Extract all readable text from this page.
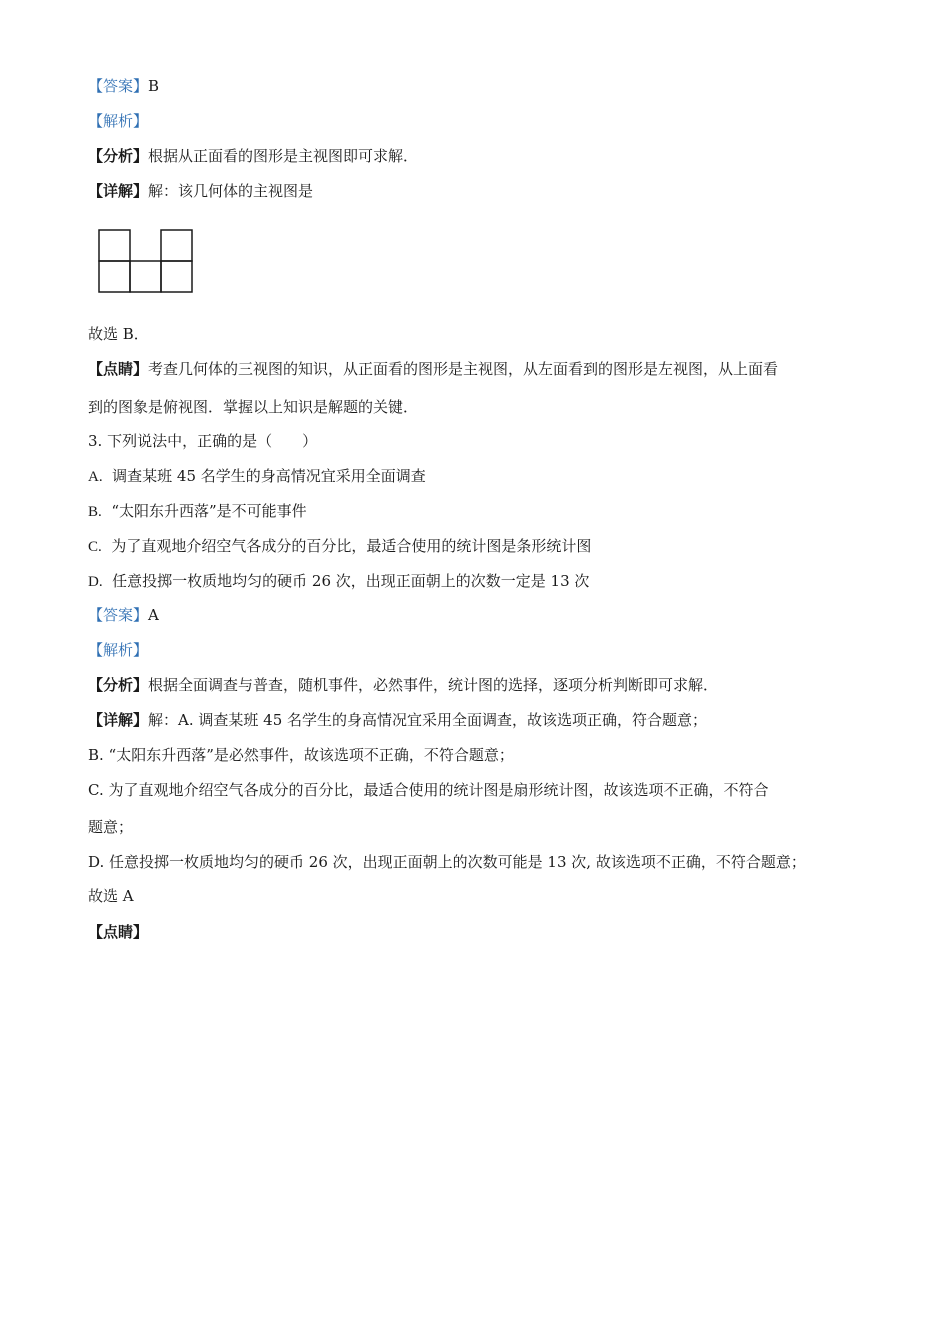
【答案】B
【解析】
【分析】根据从正面看的图形是主视图即可求解．
【详解】解：该几何体的主视图是
故选 B．
【点睛】考查几何体的三视图的知识，从正面看的图形是主视图，从左面看到的图形是左视图，从上面看
到的图象是俯视图．掌握以上知识是解题的关键．
3. 下列说法中，正确的是（　　）
A. 调查某班 45 名学生的身高情况宜采用全面调查
B. “太阳东升西落”是不可能事件
C. 为了直观地介绍空气各成分的百分比，最适合使用的统计图是条形统计图
D. 任意投掷一枚质地均匀的硬币 26 次，出现正面朝上的次数一定是 13 次
【答案】A
【解析】
【分析】根据全面调查与普查，随机事件，必然事件，统计图的选择，逐项分析判断即可求解．
【详解】解：A. 调查某班 45 名学生的身高情况宜采用全面调查，故该选项正确，符合题意；
B. “太阳东升西落”是必然事件，故该选项不正确，不符合题意；
C. 为了直观地介绍空气各成分的百分比，最适合使用的统计图是扇形统计图，故该选项不正确，不符合
题意；
D. 任意投掷一枚质地均匀的硬币 26 次，出现正面朝上的次数可能是 13 次, 故该选项不正确，不符合题意；
故选 A
【点睛】
